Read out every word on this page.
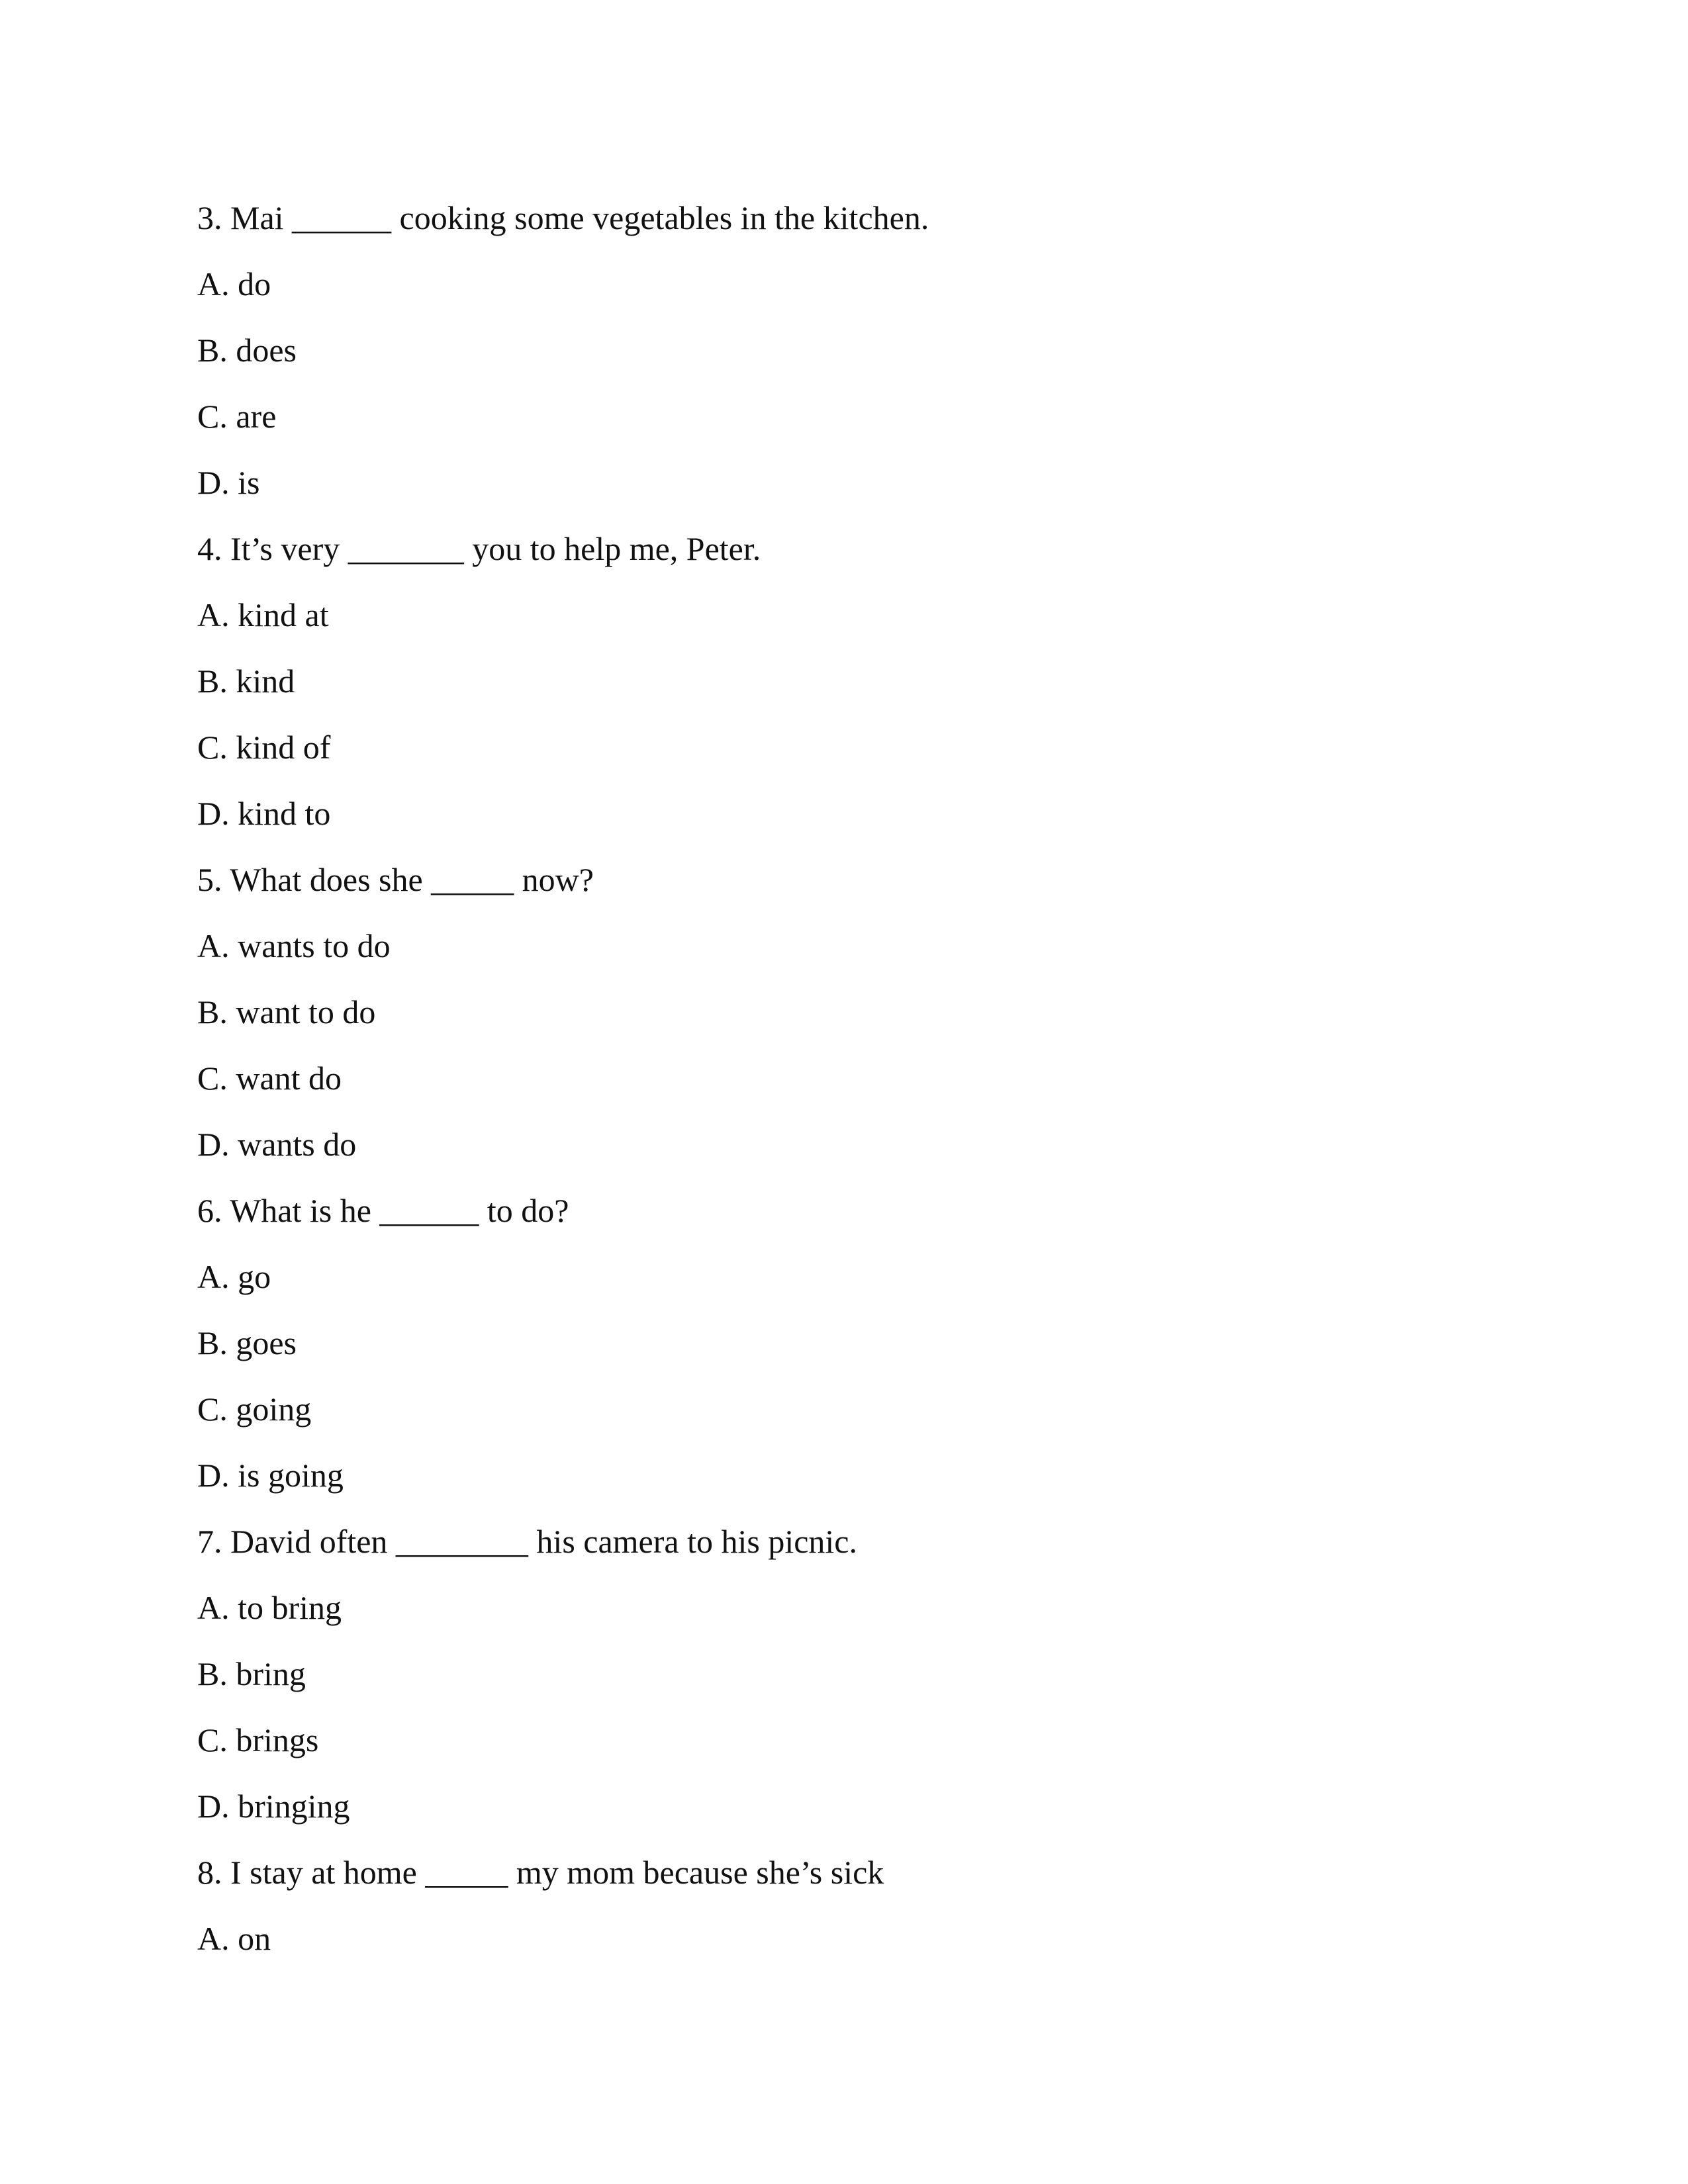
3. Mai ______ cooking some vegetables in the kitchen.
A. do
B. does
C. are
D. is
4. It’s very _______ you to help me, Peter.
A. kind at
B. kind
C. kind of
D. kind to
5. What does she _____ now?
A. wants to do
B. want to do
C. want do
D. wants do
6. What is he ______ to do?
A. go
B. goes
C. going
D. is going
7. David often ________ his camera to his picnic.
A. to bring
B. bring
C. brings
D. bringing
8. I stay at home _____ my mom because she’s sick
A. on
